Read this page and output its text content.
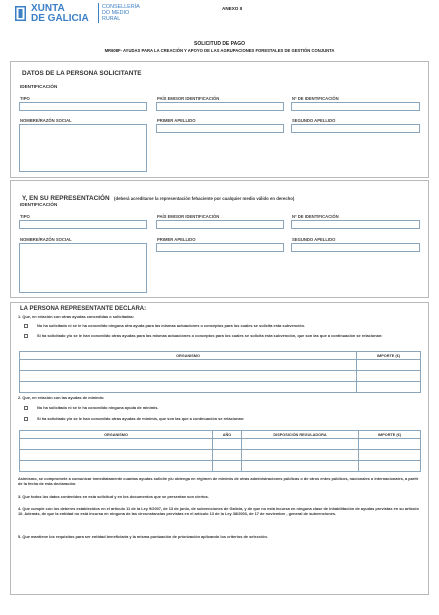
XUNTA
DE GALICIA
CONSELLERÍA
DO MEDIO
RURAL
ANEXO II
SOLICITUD DE PAGO
MR608F- AYUDAS PARA LA CREACIÓN Y APOYO DE LAS AGRUPACIONES FORESTALES DE GESTIÓN CONJUNTA
DATOS DE LA PERSONA SOLICITANTE
IDENTIFICACIÓN
TIPO	PAÍS EMISOR IDENTIFICACIÓN	Nº DE IDENTIFICACIÓN
NOMBRE/RAZÓN SOCIAL	PRIMER APELLIDO	SEGUNDO APELLIDO
Y, EN SU REPRESENTACIÓN (deberá acreditarse la representación fehaciente por cualquier medio válido en derecho)
IDENTIFICACIÓN
TIPO	PAÍS EMISOR IDENTIFICACIÓN	Nº DE IDENTIFICACIÓN
NOMBRE/RAZÓN SOCIAL	PRIMER APELLIDO	SEGUNDO APELLIDO
LA PERSONA REPRESENTANTE DECLARA:
1. Que, en relación con otras ayudas concedidas o solicitadas:
No ha solicitado ni se le ha concedido ninguna otra ayuda para las mismas actuaciones o conceptos para los cuales se solicita esta subvención.
Sí ha solicitado y/o se le han concedido otras ayudas para las mismas actuaciones o conceptos para los cuales se solicita esta subvención, que son las que a continuación se relacionan:
ORGANISMO	IMPORTE (€)

2. Que, en relación con las ayudas de minimis:
No ha solicitado ni se le ha concedido ninguna ayuda de minimis.
Sí ha solicitado y/o se le han concedido otras ayudas de minimis, que son las que a continuación se relacionan:
ORGANISMO	AÑO	DISPOSICIÓN REGULADORA	IMPORTE (€)

Asimismo, se compromete a comunicar inmediatamente cuantas ayudas solicite y/u obtenga en régimen de minimis de otras administraciones públicas o de otros entes públicos, nacionales o internacionales, a partir de la fecha de esta declaración.
3. Que todos los datos contenidos en esta solicitud y en los documentos que se presentan son ciertos.
4. Que cumple con los deberes establecidos en el artículo 11 de la Ley 9/2007, de 13 de junio, de subvenciones de Galicia, y de que no está incursa en ninguna clase de inhabilitación de ayudas previstas en su artículo 10. Además, de que la entidad no está incursa en ninguna de las circunstancias previstas en el artículo 13 de la Ley 38/2003, de 17 de noviembre , general de subvenciones.
5. Que mantiene los requisitos para ser entidad beneficiaria y la misma puntuación de priorización aplicando los criterios de selección.
